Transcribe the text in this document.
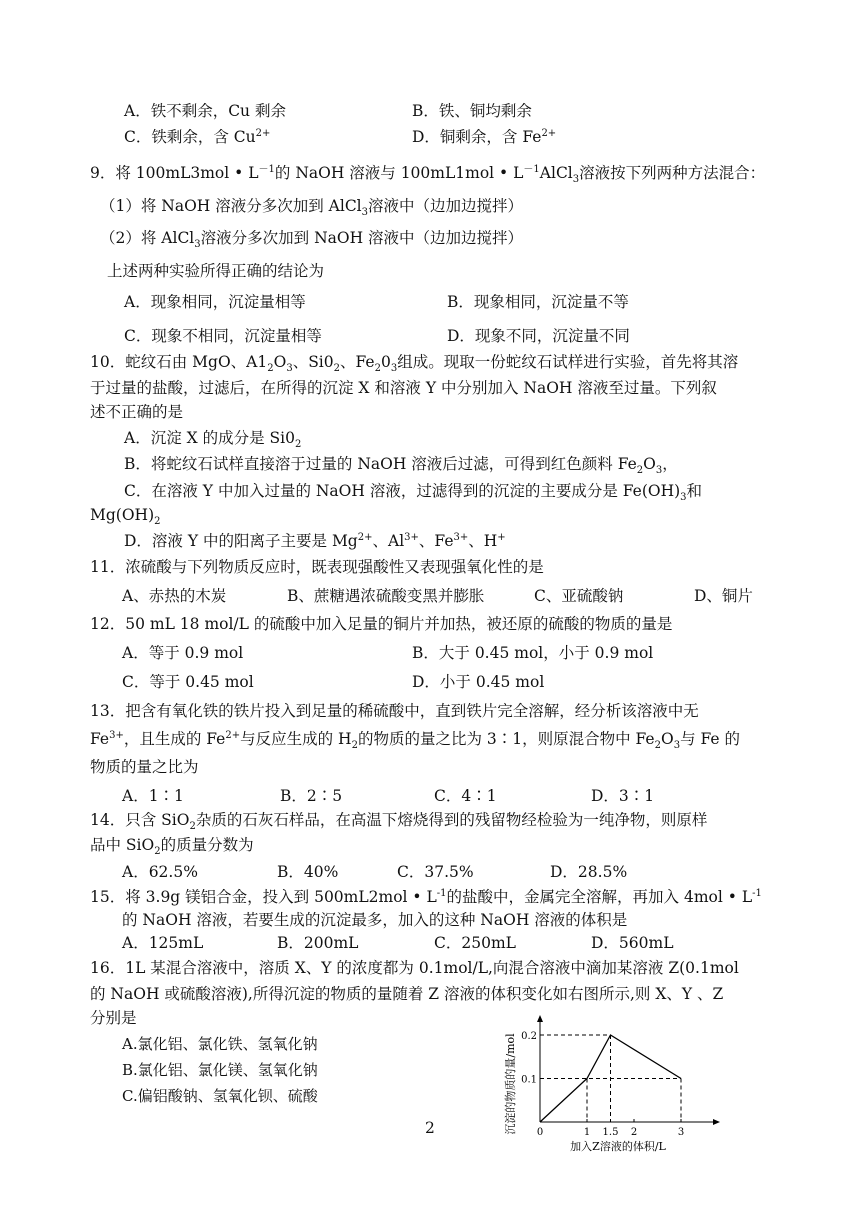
A．铁不剩余，Cu 剩余	B．铁、铜均剩余
C．铁剩余，含 $Cu^{2+}$	D．铜剩余，含 $Fe^{2+}$
9．将 100mL3mol • $L^{-1}$的 NaOH 溶液与 100mL1mol • $L^{-1}AlCl_3$溶液按下列两种方法混合：
（1）将 NaOH 溶液分多次加到 AlCl$_3$溶液中（边加边搅拌）
（2）将 AlCl$_3$溶液分多次加到 NaOH 溶液中（边加边搅拌）
上述两种实验所得正确的结论为
A．现象相同，沉淀量相等	B．现象相同，沉淀量不等
C．现象不相同，沉淀量相等	D．现象不同，沉淀量不同
10．蛇纹石由 MgO、$A1_2O_3$、$Si0_2$、$Fe_20_3$组成。现取一份蛇纹石试样进行实验，首先将其溶
于过量的盐酸，过滤后，在所得的沉淀 X 和溶液 Y 中分别加入 NaOH 溶液至过量。下列叙
述不正确的是
A．沉淀 X 的成分是 $Si0_2$
B．将蛇纹石试样直接溶于过量的 NaOH 溶液后过滤，可得到红色颜料 $Fe_2O_3$，
C．在溶液 Y 中加入过量的 NaOH 溶液，过滤得到的沉淀的主要成分是 $Fe(OH)_3$和
$Mg(OH)_2$
D．溶液 Y 中的阳离子主要是 $Mg^{2+}$、$Al^{3+}$、$Fe^{3+}$、H+
11．浓硫酸与下列物质反应时，既表现强酸性又表现强氧化性的是
A、赤热的木炭	B、蔗糖遇浓硫酸变黑并膨胀	C、亚硫酸钠	D、铜片
12．50 mL 18 mol/L 的硫酸中加入足量的铜片并加热，被还原的硫酸的物质的量是
A．等于 0.9 mol	B．大于 0.45 mol，小于 0.9 mol
C．等于 0.45 mol	D．小于 0.45 mol
13．把含有氧化铁的铁片投入到足量的稀硫酸中，直到铁片完全溶解，经分析该溶液中无
$Fe^{3+}$，且生成的 $Fe^{2+}$与反应生成的 $H_2$的物质的量之比为 3∶1，则原混合物中 $Fe_2O_3$与 Fe 的
物质的量之比为
A．1∶1	B．2∶5	C．4∶1	D．3∶1
14．只含 SiO$_2$杂质的石灰石样品，在高温下熔烧得到的残留物经检验为一纯净物，则原样
品中 SiO$_2$的质量分数为
A．62.5%	B．40%	C．37.5%	D．28.5%
15．将 3.9g 镁铝合金，投入到 500mL2mol • $L^{-1}$的盐酸中，金属完全溶解，再加入 4mol • $L^{-1}$
的 NaOH 溶液，若要生成的沉淀最多，加入的这种 NaOH 溶液的体积是
A．125mL	B．200mL	C．250mL	D．560mL
16．1L 某混合溶液中，溶质 X、Y 的浓度都为 0.1mol/L,向混合溶液中滴加某溶液 Z(0.1mol
的 NaOH 或硫酸溶液),所得沉淀的物质的量随着 Z 溶液的体积变化如右图所示,则 X、Y 、Z
分别是
A.氯化铝、氯化铁、氢氧化钠
B.氯化铝、氯化镁、氢氧化钠
C.偏铝酸钠、氢氧化钡、硫酸
2	0	1 1.5 2	3
0.1
0.2
沉淀的物质的量/mol
加入Z溶液的体积/L
